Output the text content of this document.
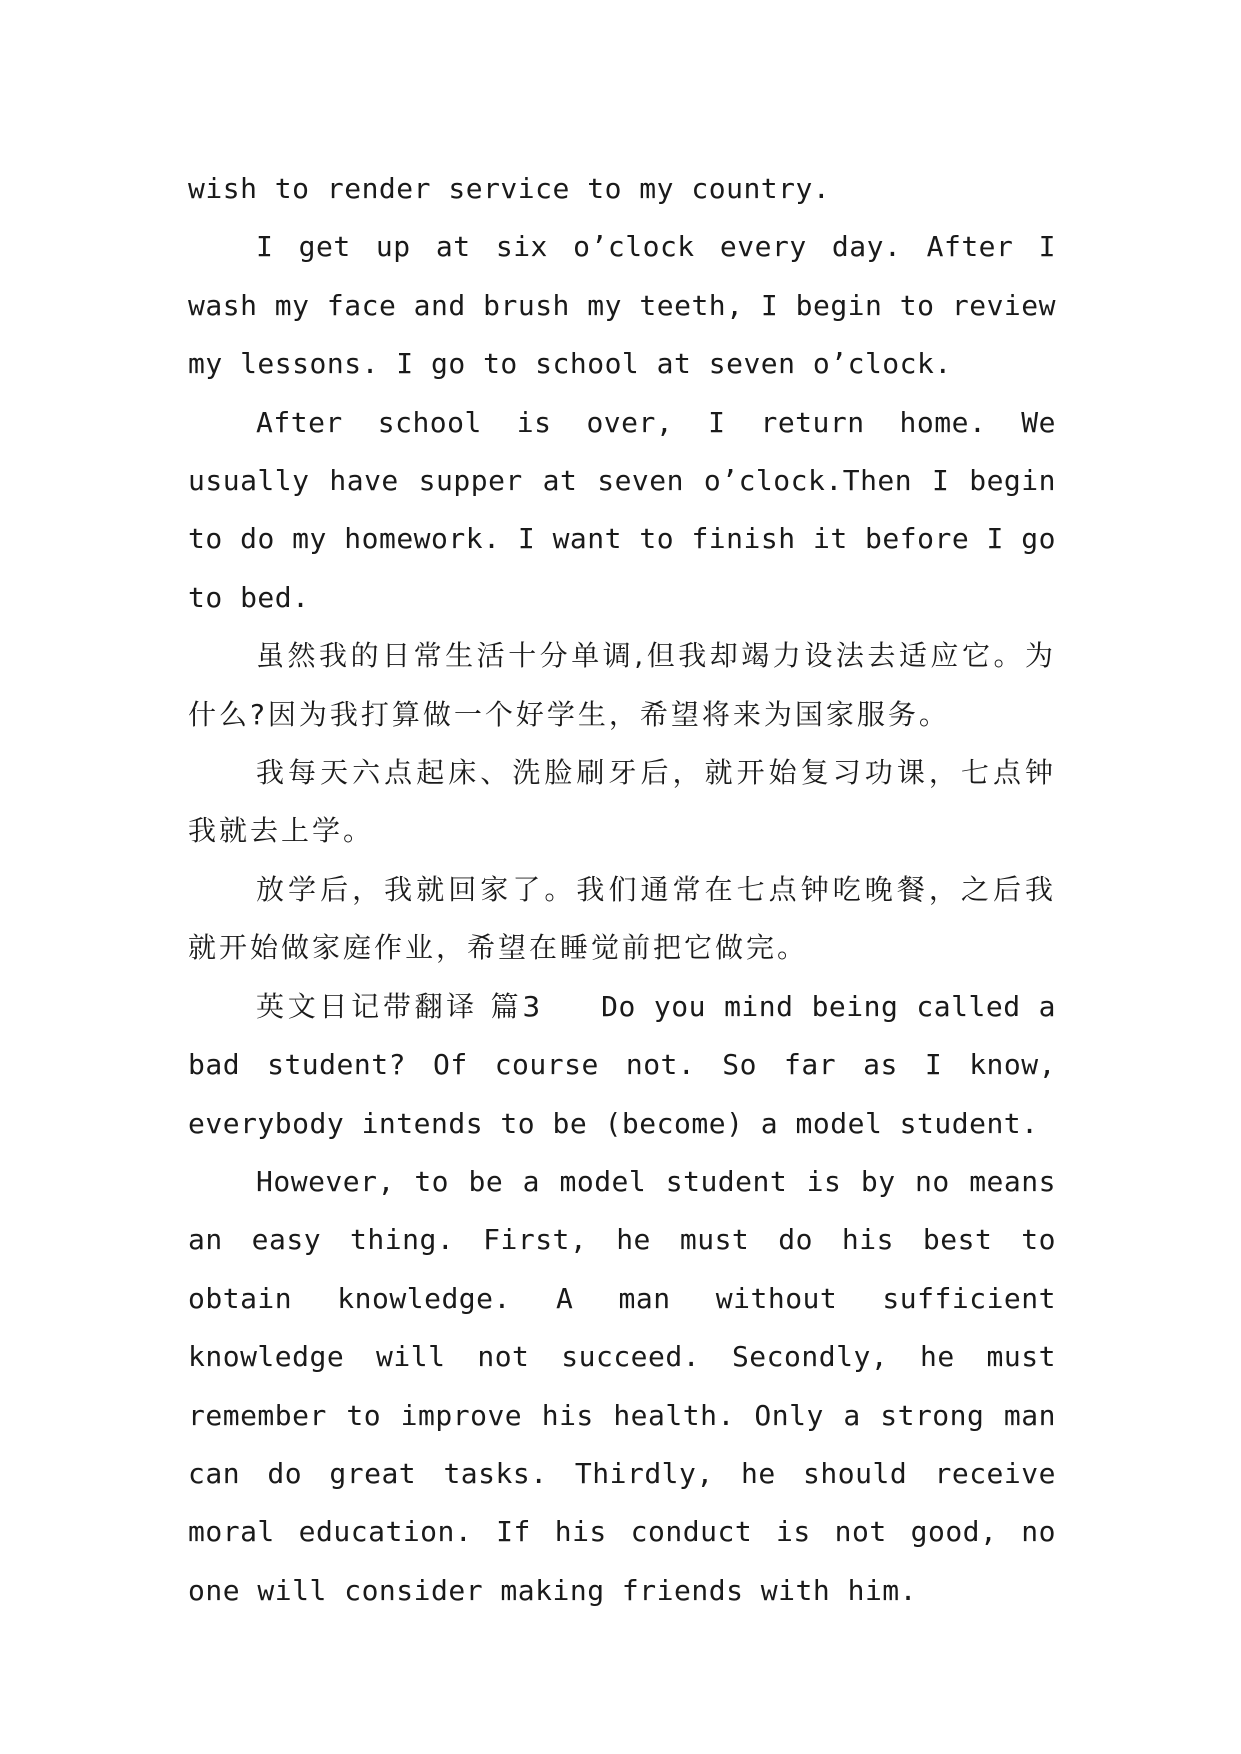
wish to render service to my country.

I get up at six o’clock every day. After I wash my face and brush my teeth, I begin to review my lessons. I go to school at seven o’clock.

After school is over, I return home. We usually have supper at seven o’clock.Then I begin to do my homework. I want to finish it before I go to bed.

虽然我的日常生活十分单调,但我却竭力设法去适应它。为什么?因为我打算做一个好学生，希望将来为国家服务。

我每天六点起床、洗脸刷牙后，就开始复习功课，七点钟我就去上学。

放学后，我就回家了。我们通常在七点钟吃晚餐，之后我就开始做家庭作业，希望在睡觉前把它做完。

英文日记带翻译 篇3 Do you mind being called a bad student? Of course not. So far as I know, everybody intends to be (become) a model student.

However, to be a model student is by no means an easy thing. First, he must do his best to obtain knowledge. A man without sufficient knowledge will not succeed. Secondly, he must remember to improve his health. Only a strong man can do great tasks. Thirdly, he should receive moral education. If his conduct is not good, no one will consider making friends with him.
